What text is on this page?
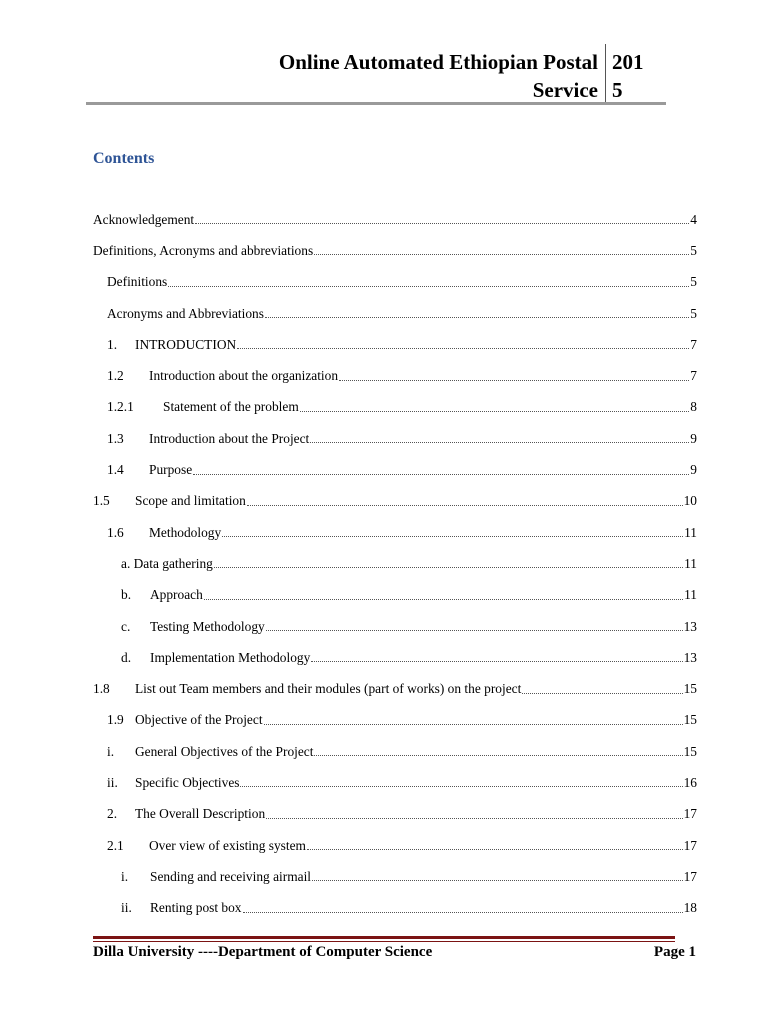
Online Automated Ethiopian Postal
Service
201
5
Contents
Acknowledgement	4
Definitions, Acronyms and abbreviations	5
Definitions	5
Acronyms and Abbreviations	5
1.	INTRODUCTION	7
1.2	Introduction about the organization	7
1.2.1	Statement of the problem	8
1.3	Introduction about the Project	9
1.4	Purpose	9
1.5	Scope and limitation	10
1.6	Methodology	11
a. Data gathering	11
b.	Approach	11
c.	Testing Methodology	13
d.	Implementation Methodology	13
1.8	List out Team members and their modules (part of works) on the project	15
1.9 Objective of the Project	15
i.	General Objectives of the Project	15
ii.	Specific Objectives	16
2.	The Overall Description	17
2.1	Over view of existing system	17
i.	Sending and receiving airmail	17
ii.	Renting post box	18
Dilla University ----Department of Computer Science	Page 1
